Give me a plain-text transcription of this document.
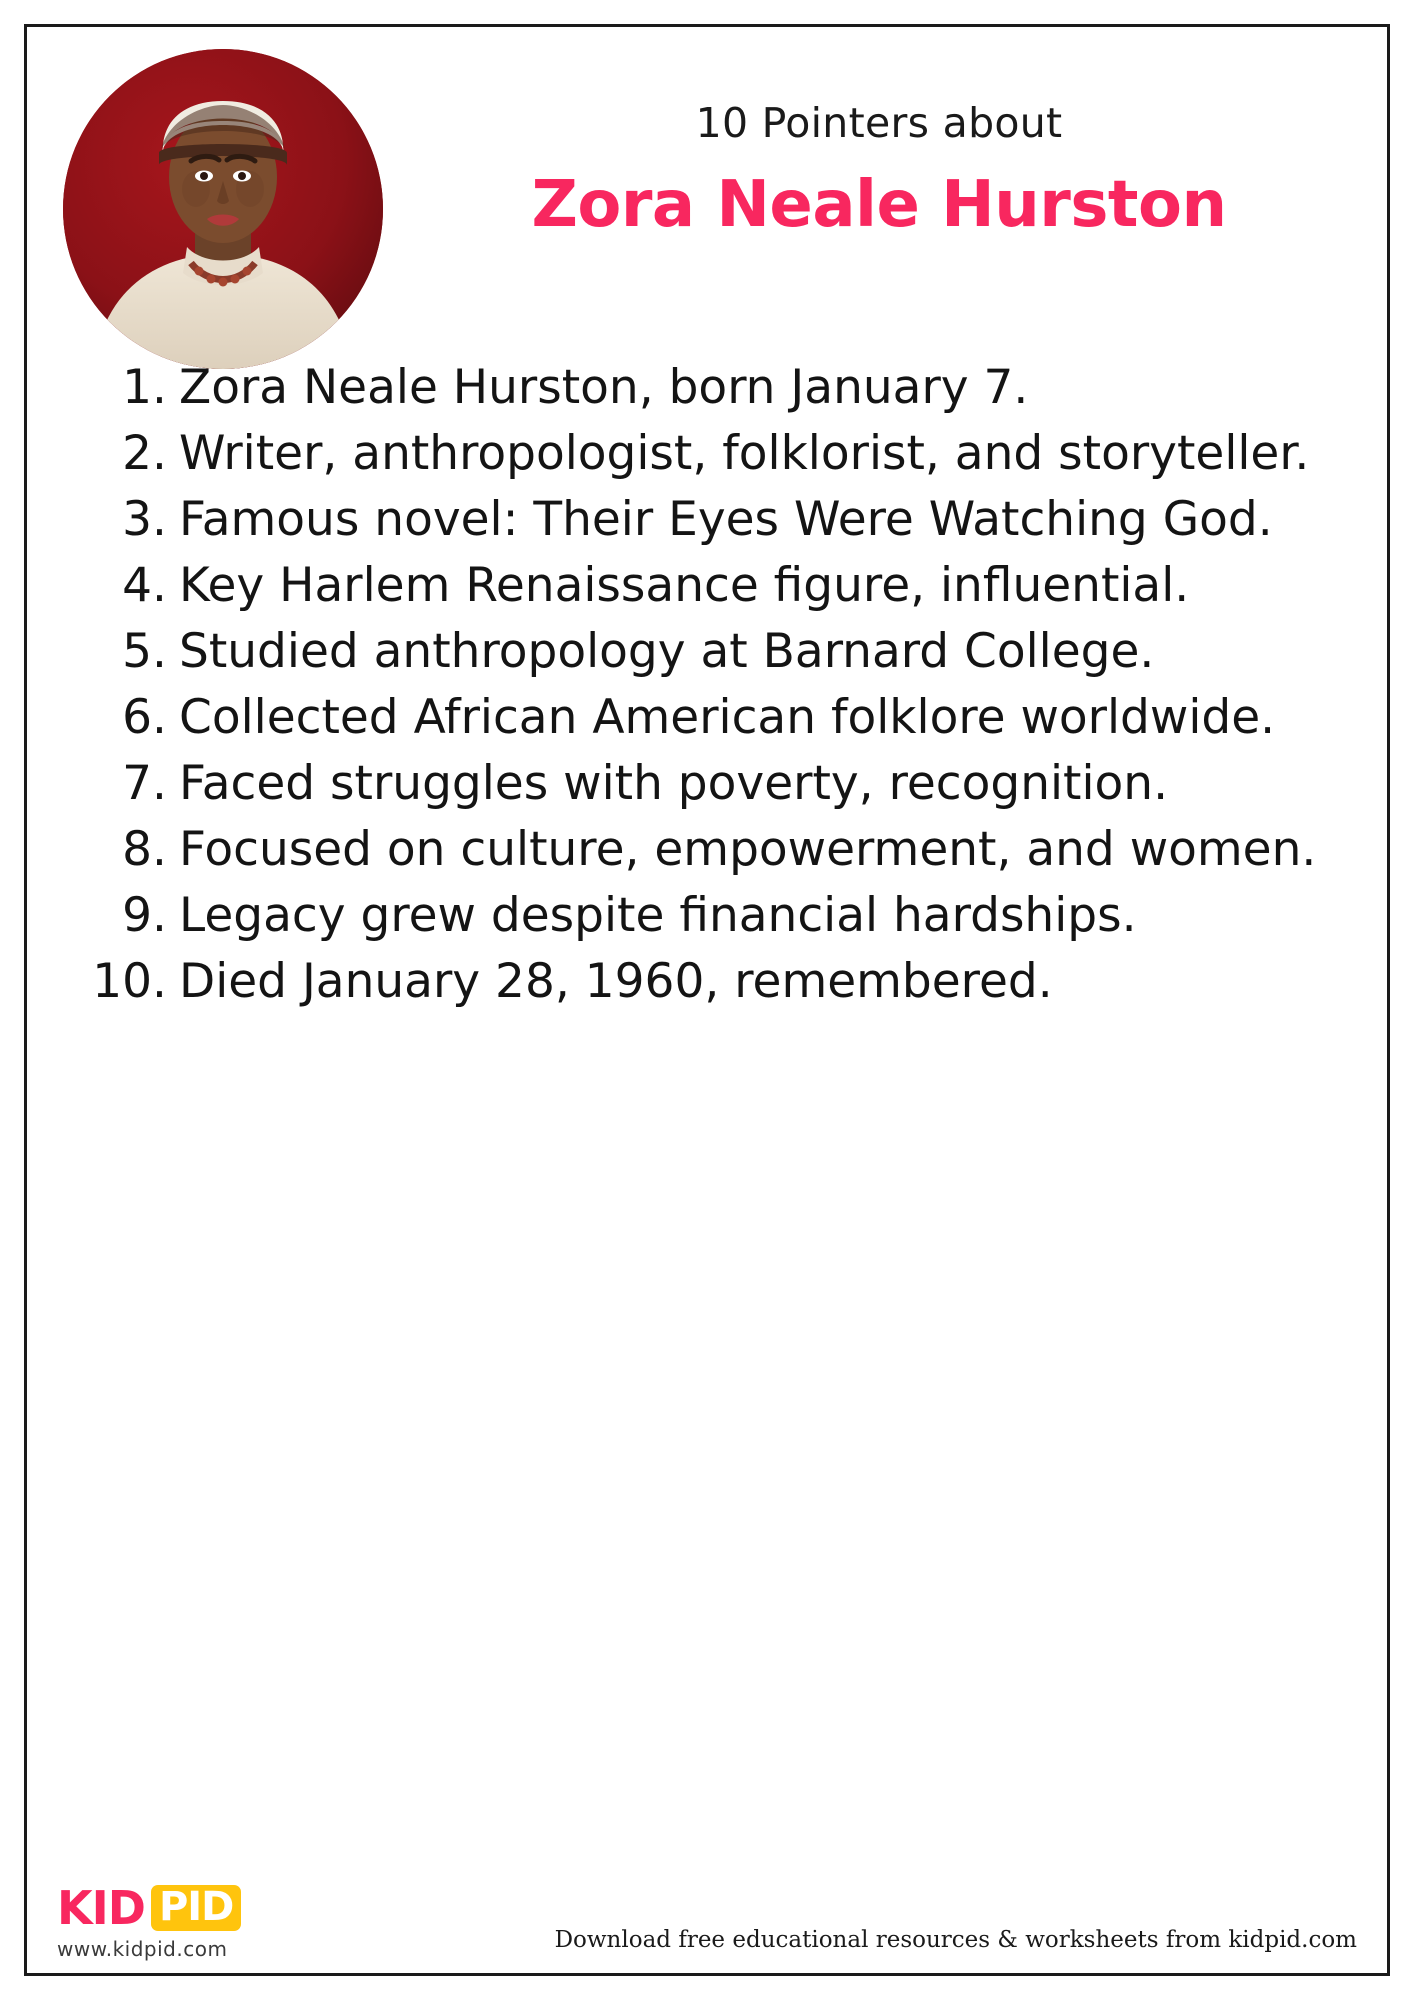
10 Pointers about
Zora Neale Hurston
1. Zora Neale Hurston, born January 7.
2. Writer, anthropologist, folklorist, and storyteller.
3. Famous novel: Their Eyes Were Watching God.
4. Key Harlem Renaissance figure, influential.
5. Studied anthropology at Barnard College.
6. Collected African American folklore worldwide.
7. Faced struggles with poverty, recognition.
8. Focused on culture, empowerment, and women.
9. Legacy grew despite financial hardships.
10. Died January 28, 1960, remembered.
KID PID
www.kidpid.com	Download free educational resources & worksheets from kidpid.com
